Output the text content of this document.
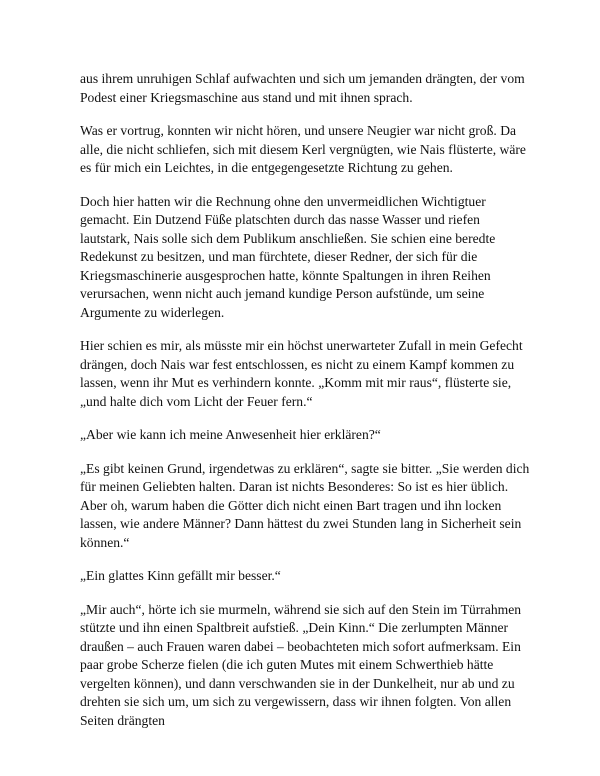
aus ihrem unruhigen Schlaf aufwachten und sich um jemanden drängten, der vom Podest einer Kriegsmaschine aus stand und mit ihnen sprach.

Was er vortrug, konnten wir nicht hören, und unsere Neugier war nicht groß. Da alle, die nicht schliefen, sich mit diesem Kerl vergnügten, wie Nais flüsterte, wäre es für mich ein Leichtes, in die entgegengesetzte Richtung zu gehen.

Doch hier hatten wir die Rechnung ohne den unvermeidlichen Wichtigtuer gemacht. Ein Dutzend Füße platschten durch das nasse Wasser und riefen lautstark, Nais solle sich dem Publikum anschließen. Sie schien eine beredte Redekunst zu besitzen, und man fürchtete, dieser Redner, der sich für die Kriegsmaschinerie ausgesprochen hatte, könnte Spaltungen in ihren Reihen verursachen, wenn nicht auch jemand kundige Person aufstünde, um seine Argumente zu widerlegen.

Hier schien es mir, als müsste mir ein höchst unerwarteter Zufall in mein Gefecht drängen, doch Nais war fest entschlossen, es nicht zu einem Kampf kommen zu lassen, wenn ihr Mut es verhindern konnte. „Komm mit mir raus“, flüsterte sie, „und halte dich vom Licht der Feuer fern.“

„Aber wie kann ich meine Anwesenheit hier erklären?“

„Es gibt keinen Grund, irgendetwas zu erklären“, sagte sie bitter. „Sie werden dich für meinen Geliebten halten. Daran ist nichts Besonderes: So ist es hier üblich. Aber oh, warum haben die Götter dich nicht einen Bart tragen und ihn locken lassen, wie andere Männer? Dann hättest du zwei Stunden lang in Sicherheit sein können.“

„Ein glattes Kinn gefällt mir besser.“

„Mir auch“, hörte ich sie murmeln, während sie sich auf den Stein im Türrahmen stützte und ihn einen Spaltbreit aufstieß. „Dein Kinn.“ Die zerlumpten Männer draußen – auch Frauen waren dabei – beobachteten mich sofort aufmerksam. Ein paar grobe Scherze fielen (die ich guten Mutes mit einem Schwerthieb hätte vergelten können), und dann verschwanden sie in der Dunkelheit, nur ab und zu drehten sie sich um, um sich zu vergewissern, dass wir ihnen folgten. Von allen Seiten drängten
